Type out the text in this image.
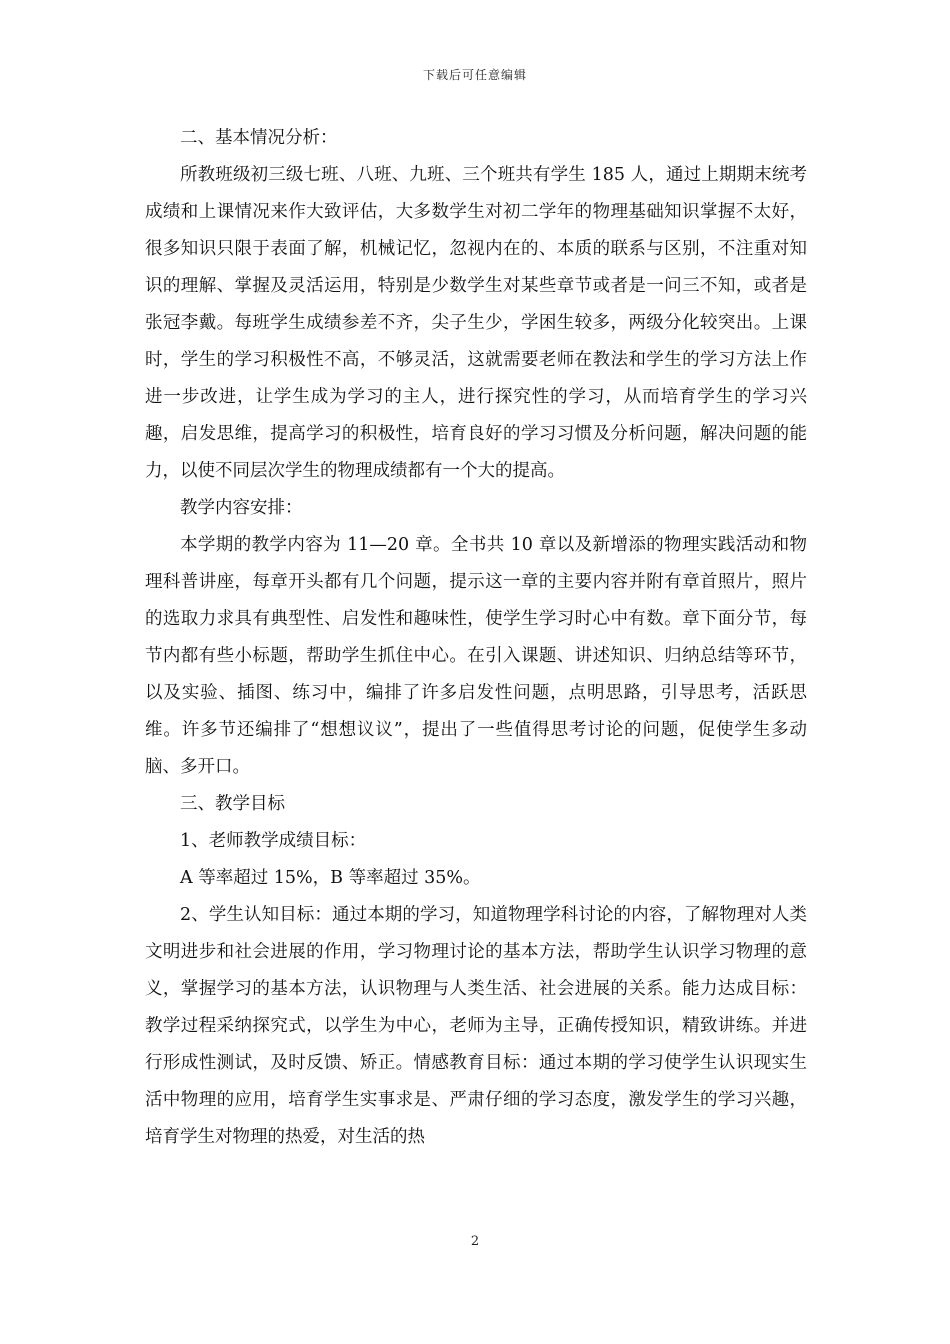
下载后可任意编辑

二、基本情况分析：

所教班级初三级七班、八班、九班、三个班共有学生 185 人，通过上期期末统考成绩和上课情况来作大致评估，大多数学生对初二学年的物理基础知识掌握不太好，很多知识只限于表面了解，机械记忆，忽视内在的、本质的联系与区别，不注重对知识的理解、掌握及灵活运用，特别是少数学生对某些章节或者是一问三不知，或者是张冠李戴。每班学生成绩参差不齐，尖子生少，学困生较多，两级分化较突出。上课时，学生的学习积极性不高，不够灵活，这就需要老师在教法和学生的学习方法上作进一步改进，让学生成为学习的主人，进行探究性的学习，从而培育学生的学习兴趣，启发思维，提高学习的积极性，培育良好的学习习惯及分析问题，解决问题的能力，以使不同层次学生的物理成绩都有一个大的提高。

教学内容安排：

本学期的教学内容为 11—20 章。全书共 10 章以及新增添的物理实践活动和物理科普讲座，每章开头都有几个问题，提示这一章的主要内容并附有章首照片，照片的选取力求具有典型性、启发性和趣味性，使学生学习时心中有数。章下面分节，每节内都有些小标题，帮助学生抓住中心。在引入课题、讲述知识、归纳总结等环节，以及实验、插图、练习中，编排了许多启发性问题，点明思路，引导思考，活跃思维。许多节还编排了“想想议议”，提出了一些值得思考讨论的问题，促使学生多动脑、多开口。

三、教学目标

1、老师教学成绩目标：

A 等率超过 15%，B 等率超过 35%。

2、学生认知目标：通过本期的学习，知道物理学科讨论的内容，了解物理对人类文明进步和社会进展的作用，学习物理讨论的基本方法，帮助学生认识学习物理的意义，掌握学习的基本方法，认识物理与人类生活、社会进展的关系。能力达成目标：教学过程采纳探究式，以学生为中心，老师为主导，正确传授知识，精致讲练。并进行形成性测试，及时反馈、矫正。情感教育目标：通过本期的学习使学生认识现实生活中物理的应用，培育学生实事求是、严肃仔细的学习态度，激发学生的学习兴趣，培育学生对物理的热爱，对生活的热

2
